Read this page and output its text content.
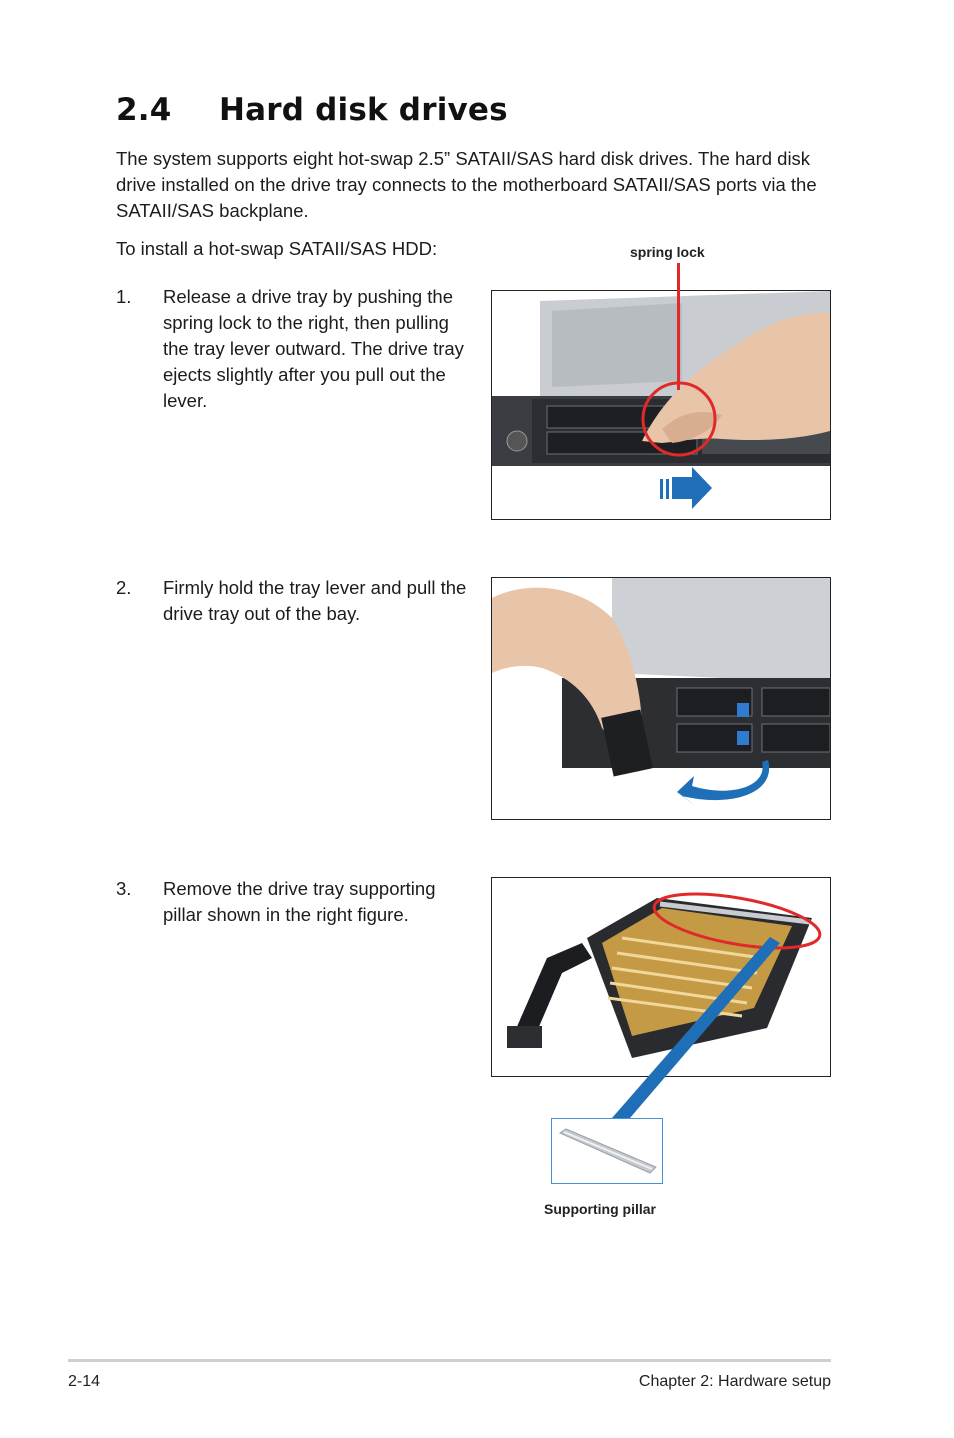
2.4 Hard disk drives
The system supports eight hot-swap 2.5” SATAII/SAS hard disk drives. The hard disk drive installed on the drive tray connects to the motherboard SATAII/SAS ports via the SATAII/SAS backplane.
To install a hot-swap SATAII/SAS HDD:
1. Release a drive tray by pushing the spring lock to the right, then pulling the tray lever outward. The drive tray ejects slightly after you pull out the lever.
2. Firmly hold the tray lever and pull the drive tray out of the bay.
3. Remove the drive tray supporting pillar shown in the right figure.
spring lock
Supporting pillar
2-14	Chapter 2: Hardware setup
